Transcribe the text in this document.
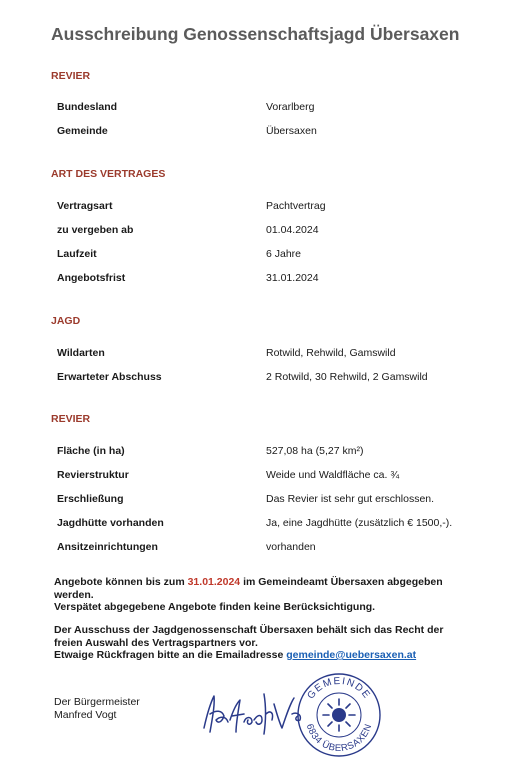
Ausschreibung Genossenschaftsjagd Übersaxen
REVIER
Bundesland	Vorarlberg
Gemeinde	Übersaxen
ART DES VERTRAGES
Vertragsart	Pachtvertrag
zu vergeben ab	01.04.2024
Laufzeit	6 Jahre
Angebotsfrist	31.01.2024
JAGD
Wildarten	Rotwild, Rehwild, Gamswild
Erwarteter Abschuss	2 Rotwild, 30 Rehwild, 2 Gamswild
REVIER
Fläche (in ha)	527,08 ha (5,27 km²)
Revierstruktur	Weide und Waldfläche ca. ¾
Erschließung	Das Revier ist sehr gut erschlossen.
Jagdhütte vorhanden	Ja, eine Jagdhütte (zusätzlich € 1500,-).
Ansitzeinrichtungen	vorhanden

Angebote können bis zum 31.01.2024 im Gemeindeamt Übersaxen abgegeben werden.
Verspätet abgegebene Angebote finden keine Berücksichtigung.

Der Ausschuss der Jagdgenossenschaft Übersaxen behält sich das Recht der freien Auswahl des Vertragspartners vor.
Etwaige Rückfragen bitte an die Emailadresse gemeinde@uebersaxen.at

Der Bürgermeister
Manfred Vogt
GEMEINDE
6834 ÜBERSAXEN
